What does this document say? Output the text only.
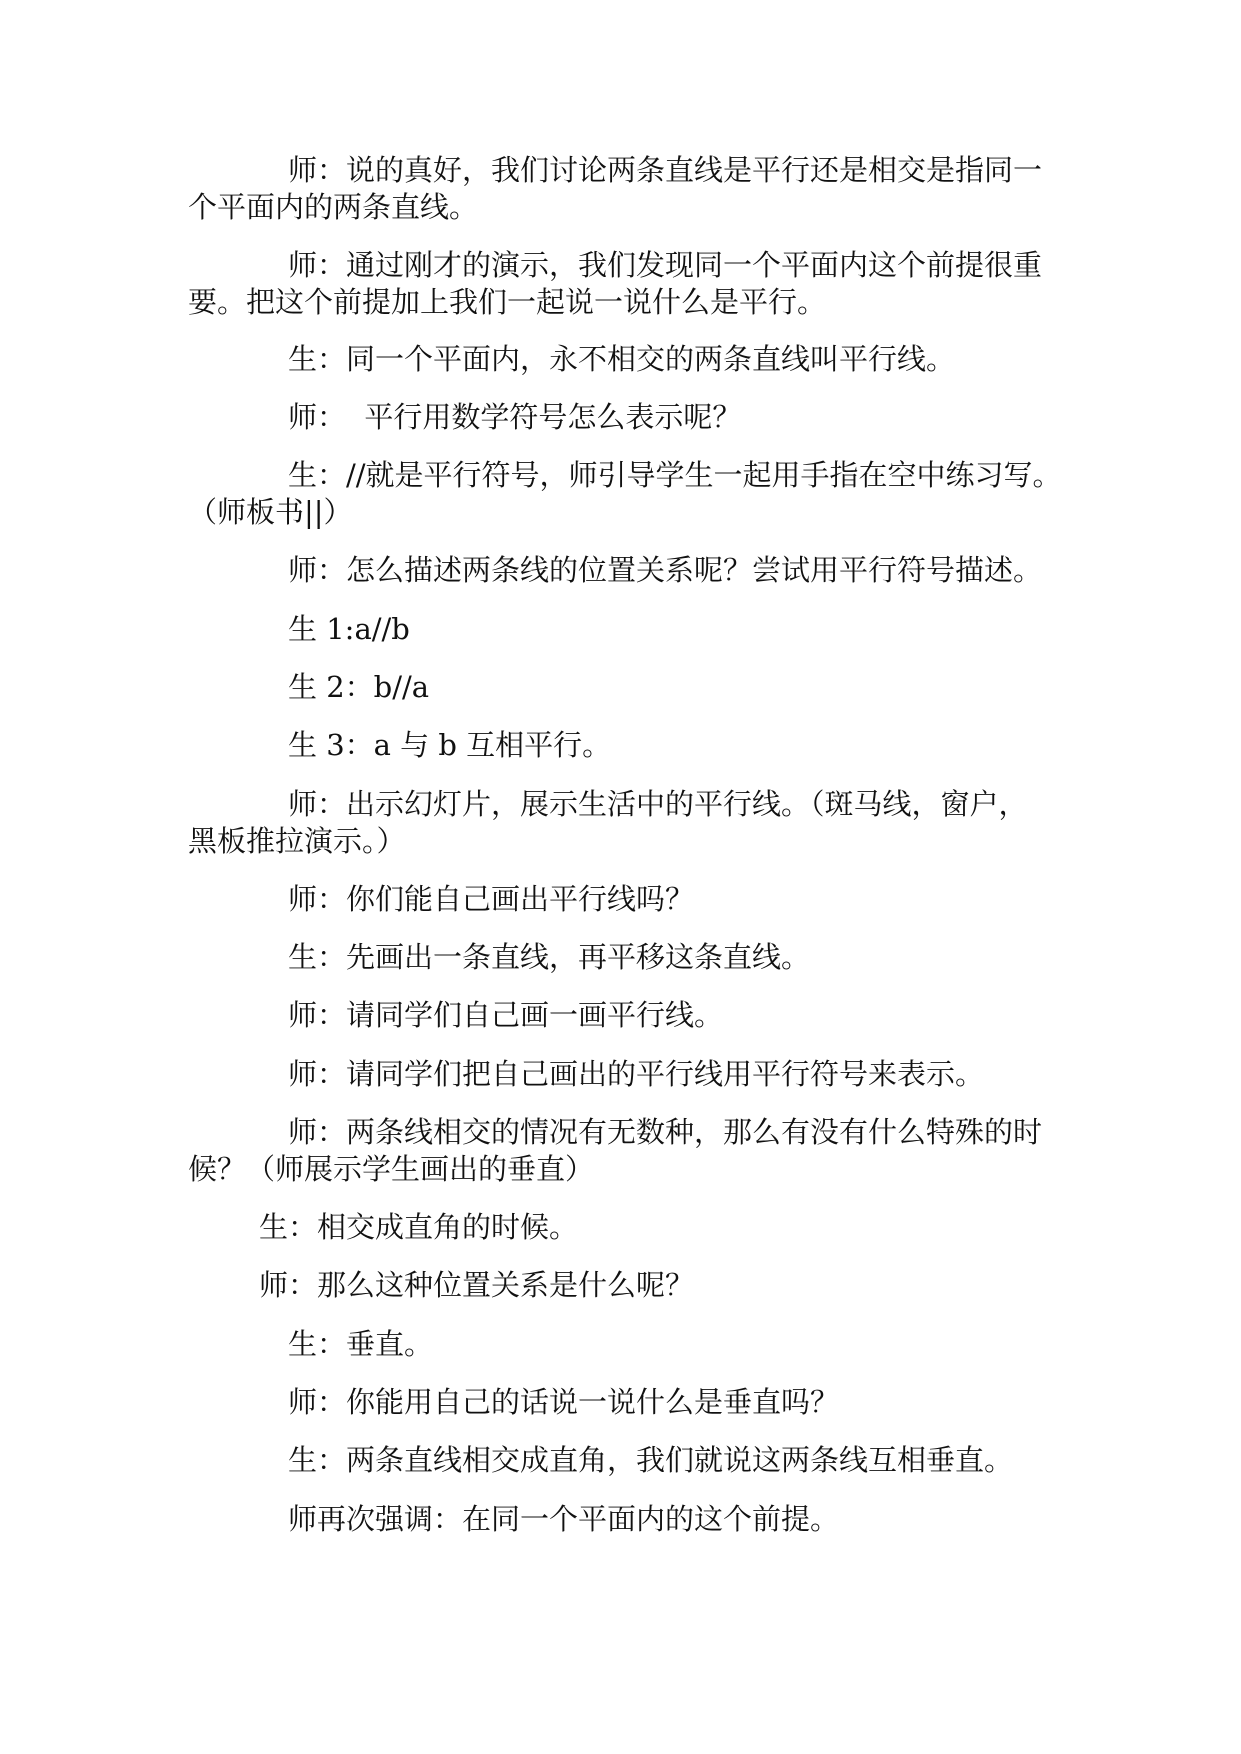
师：说的真好，我们讨论两条直线是平行还是相交是指同一
个平面内的两条直线。
师：通过刚才的演示，我们发现同一个平面内这个前提很重
要。把这个前提加上我们一起说一说什么是平行。
生：同一个平面内，永不相交的两条直线叫平行线。
师：  平行用数学符号怎么表示呢？
生：//就是平行符号，师引导学生一起用手指在空中练习写。
（师板书||）
师：怎么描述两条线的位置关系呢？尝试用平行符号描述。
生 1:a//b
生 2：b//a
生 3：a 与 b 互相平行。
师：出示幻灯片，展示生活中的平行线。（斑马线，窗户，
黑板推拉演示。）
师：你们能自己画出平行线吗？
生：先画出一条直线，再平移这条直线。
师：请同学们自己画一画平行线。
师：请同学们把自己画出的平行线用平行符号来表示。
师：两条线相交的情况有无数种，那么有没有什么特殊的时
候？（师展示学生画出的垂直）
生：相交成直角的时候。
师：那么这种位置关系是什么呢？
生：垂直。
师：你能用自己的话说一说什么是垂直吗？
生：两条直线相交成直角，我们就说这两条线互相垂直。
师再次强调：在同一个平面内的这个前提。
